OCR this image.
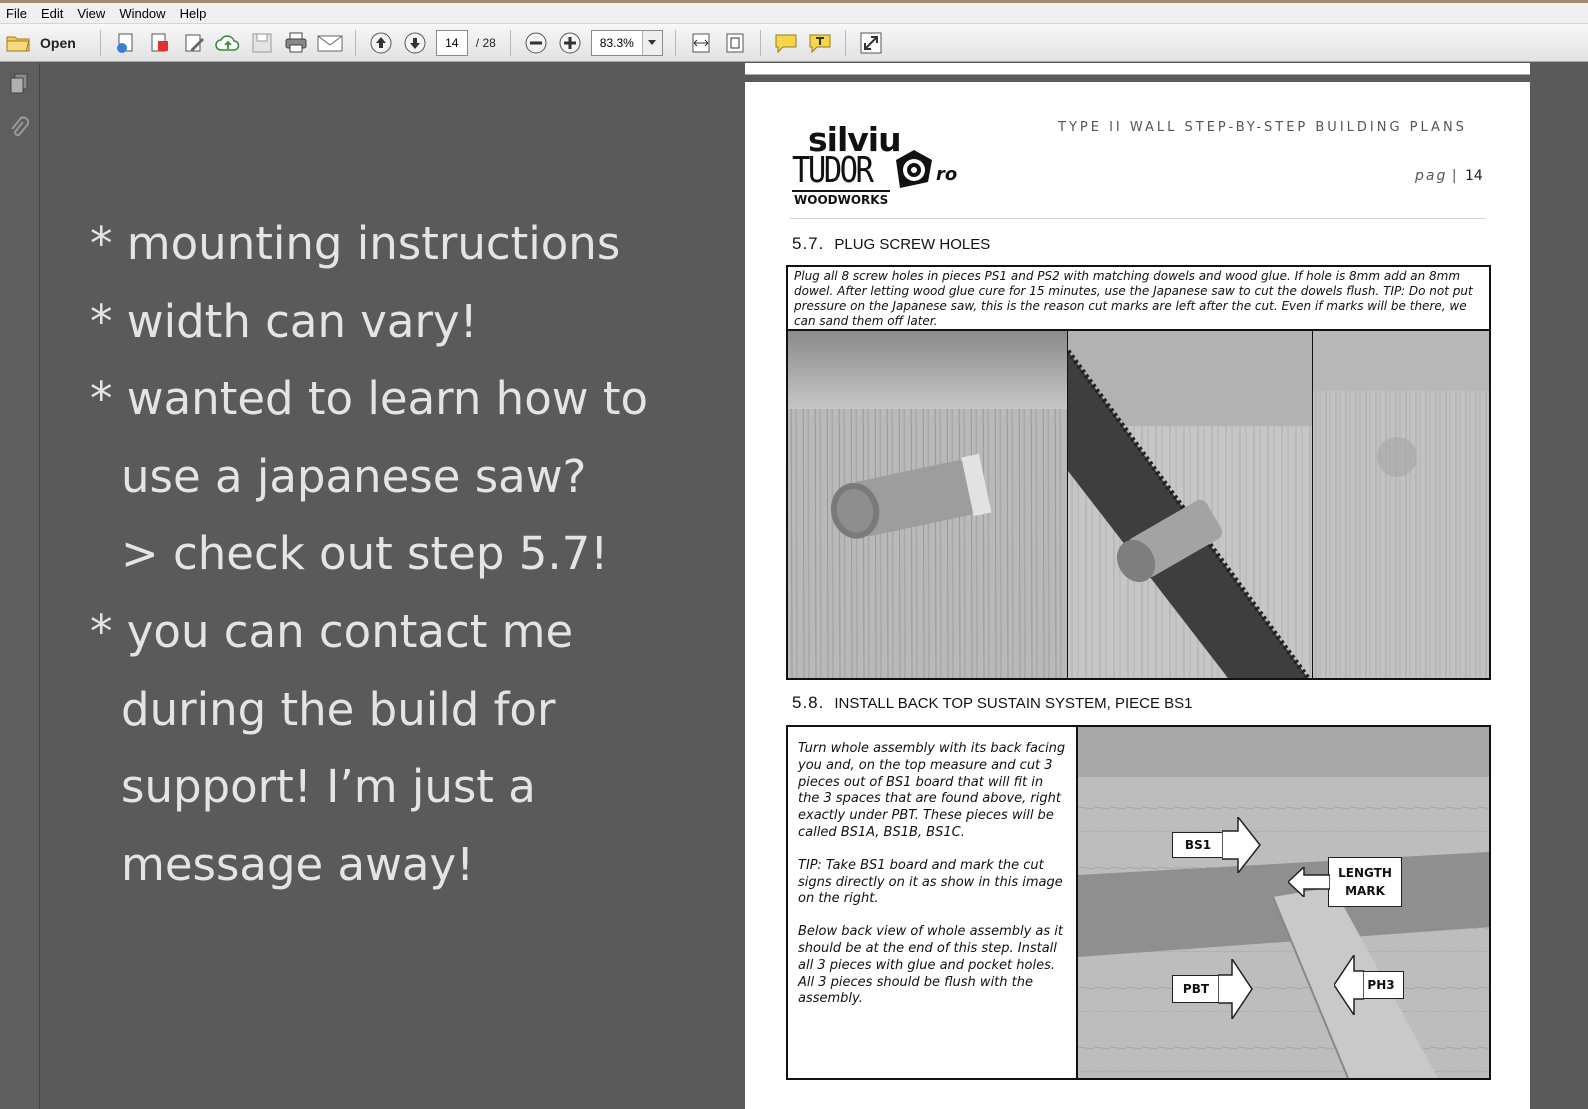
File	Edit	View	Window	Help
Open	14	/ 28	83.3%
* mounting instructions
* width can vary!
* wanted to learn how to
use a japanese saw?
> check out step 5.7!
* you can contact me
during the build for
support! I’m just a
message away!
silviu
TUDOR	ro
WOODWORKS
TYPE II WALL STEP-BY-STEP BUILDING PLANS
pag | 14
5.7. PLUG SCREW HOLES
Plug all 8 screw holes in pieces PS1 and PS2 with matching dowels and wood glue. If hole is 8mm add an 8mm dowel. After letting wood glue cure for 15 minutes, use the Japanese saw to cut the dowels flush. TIP: Do not put pressure on the Japanese saw, this is the reason cut marks are left after the cut. Even if marks will be there, we can sand them off later.
5.8. INSTALL BACK TOP SUSTAIN SYSTEM, PIECE BS1

Turn whole assembly with its back facing you and, on the top measure and cut 3 pieces out of BS1 board that will fit in the 3 spaces that are found above, right exactly under PBT. These pieces will be called BS1A, BS1B, BS1C.

TIP: Take BS1 board and mark the cut signs directly on it as show in this image on the right.

Below back view of whole assembly as it should be at the end of this step. Install all 3 pieces with glue and pocket holes. All 3 pieces should be flush with the assembly.

BS1
LENGTH
MARK
PBT	PH3
